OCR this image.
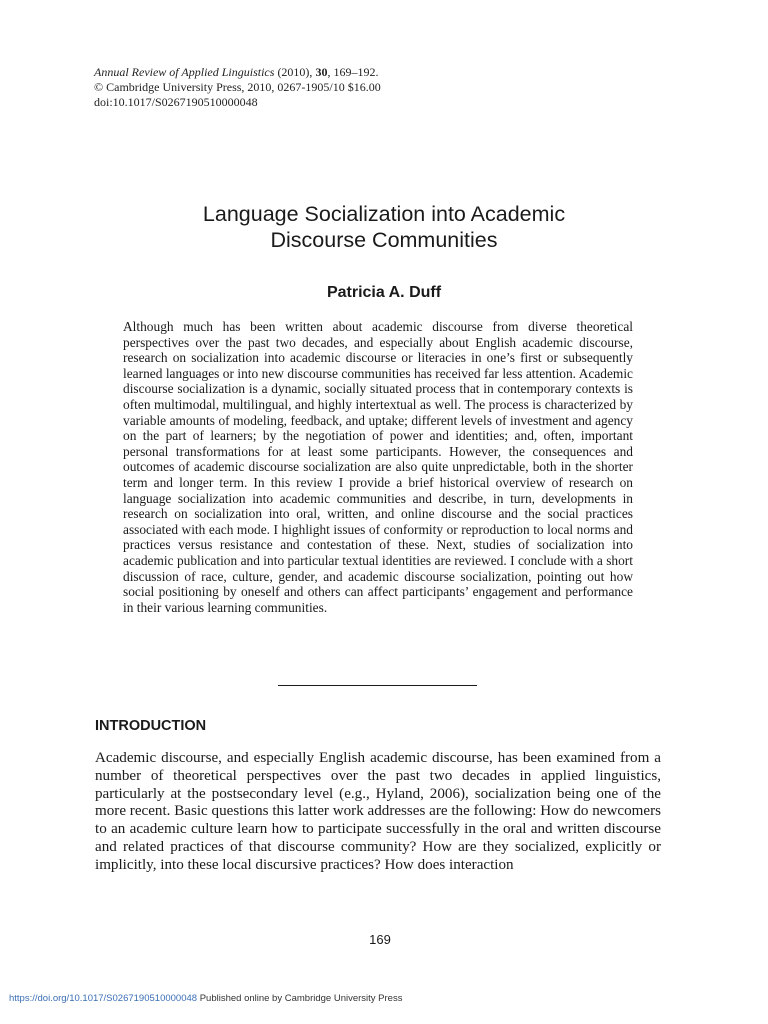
Annual Review of Applied Linguistics (2010), 30, 169–192.
© Cambridge University Press, 2010, 0267-1905/10 $16.00
doi:10.1017/S0267190510000048
Language Socialization into Academic
Discourse Communities
Patricia A. Duff
Although much has been written about academic discourse from diverse theoretical perspectives over the past two decades, and especially about English academic discourse, research on socialization into academic discourse or literacies in one’s first or subsequently learned languages or into new discourse communities has received far less attention. Academic discourse socialization is a dynamic, socially situated process that in contemporary contexts is often multimodal, multilingual, and highly intertextual as well. The process is characterized by variable amounts of modeling, feedback, and uptake; different levels of investment and agency on the part of learners; by the negotiation of power and identities; and, often, important personal transformations for at least some participants. However, the consequences and outcomes of academic discourse socialization are also quite unpredictable, both in the shorter term and longer term. In this review I provide a brief historical overview of research on language socialization into academic communities and describe, in turn, developments in research on socialization into oral, written, and online discourse and the social practices associated with each mode. I highlight issues of conformity or reproduction to local norms and practices versus resistance and contestation of these. Next, studies of socialization into academic publication and into particular textual identities are reviewed. I conclude with a short discussion of race, culture, gender, and academic discourse socialization, pointing out how social positioning by oneself and others can affect participants’ engagement and performance in their various learning communities.
INTRODUCTION
Academic discourse, and especially English academic discourse, has been examined from a number of theoretical perspectives over the past two decades in applied linguistics, particularly at the postsecondary level (e.g., Hyland, 2006), socialization being one of the more recent. Basic questions this latter work addresses are the following: How do newcomers to an academic culture learn how to participate successfully in the oral and written discourse and related practices of that discourse community? How are they socialized, explicitly or implicitly, into these local discursive practices? How does interaction
169
https://doi.org/10.1017/S0267190510000048 Published online by Cambridge University Press
